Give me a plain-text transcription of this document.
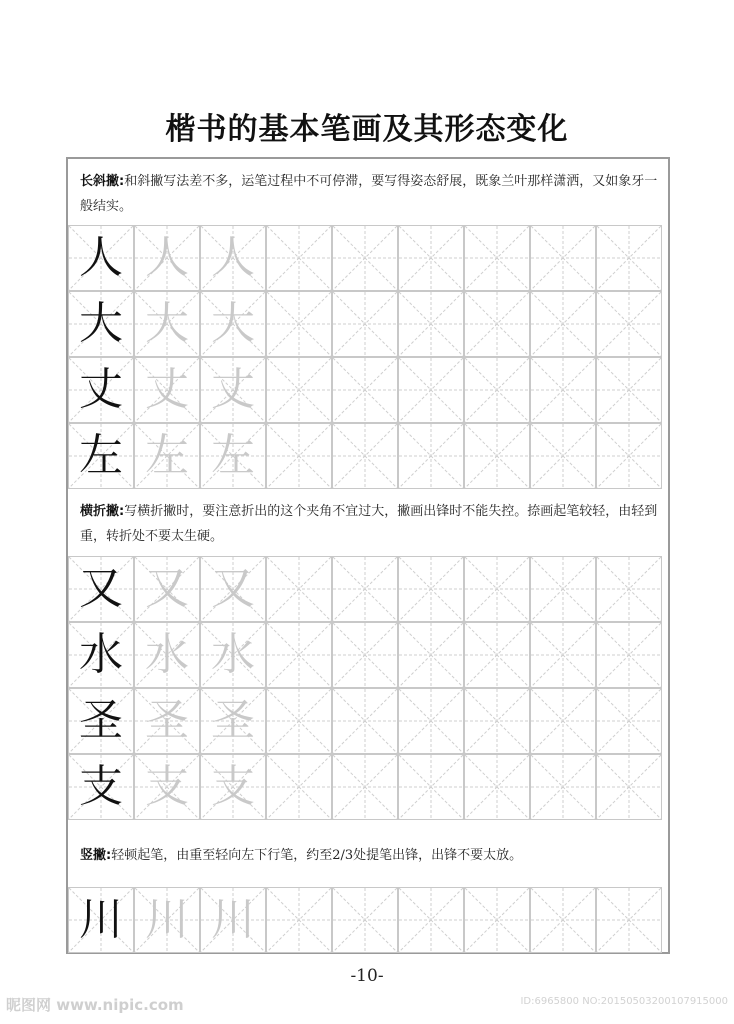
楷书的基本笔画及其形态变化
长斜撇:和斜撇写法差不多，运笔过程中不可停滞，要写得姿态舒展，既象兰叶那样潇洒，又如象牙一般结实。
人 人 人
大 大 大
丈 丈 丈
左 左 左
横折撇:写横折撇时，要注意折出的这个夹角不宜过大，撇画出锋时不能失控。捺画起笔较轻，由轻到重，转折处不要太生硬。
又 又 又
水 水 水
圣 圣 圣
支 支 支
竖撇:轻顿起笔，由重至轻向左下行笔，约至2/3处提笔出锋，出锋不要太放。
川 川 川
-10-
昵图网 www.nipic.com	ID:6965800 NO:20150503200107915000
